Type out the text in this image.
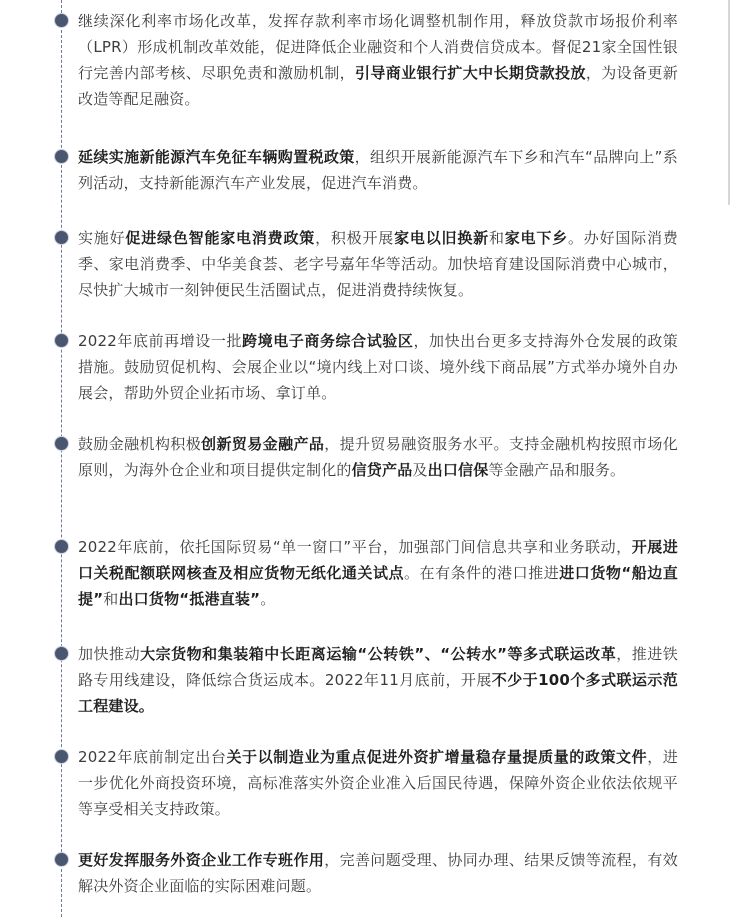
继续深化利率市场化改革，发挥存款利率市场化调整机制作用，释放贷款市场报价利率（LPR）形成机制改革效能，促进降低企业融资和个人消费信贷成本。督促21家全国性银行完善内部考核、尽职免责和激励机制，引导商业银行扩大中长期贷款投放，为设备更新改造等配足融资。

延续实施新能源汽车免征车辆购置税政策，组织开展新能源汽车下乡和汽车“品牌向上”系列活动，支持新能源汽车产业发展，促进汽车消费。

实施好促进绿色智能家电消费政策，积极开展家电以旧换新和家电下乡。办好国际消费季、家电消费季、中华美食荟、老字号嘉年华等活动。加快培育建设国际消费中心城市，尽快扩大城市一刻钟便民生活圈试点，促进消费持续恢复。

2022年底前再增设一批跨境电子商务综合试验区，加快出台更多支持海外仓发展的政策措施。鼓励贸促机构、会展企业以“境内线上对口谈、境外线下商品展”方式举办境外自办展会，帮助外贸企业拓市场、拿订单。

鼓励金融机构积极创新贸易金融产品，提升贸易融资服务水平。支持金融机构按照市场化原则，为海外仓企业和项目提供定制化的信贷产品及出口信保等金融产品和服务。

2022年底前，依托国际贸易“单一窗口”平台，加强部门间信息共享和业务联动，开展进口关税配额联网核查及相应货物无纸化通关试点。在有条件的港口推进进口货物“船边直提”和出口货物“抵港直装”。

加快推动大宗货物和集装箱中长距离运输“公转铁”、“公转水”等多式联运改革，推进铁路专用线建设，降低综合货运成本。2022年11月底前，开展不少于100个多式联运示范工程建设。

2022年底前制定出台关于以制造业为重点促进外资扩增量稳存量提质量的政策文件，进一步优化外商投资环境，高标准落实外资企业准入后国民待遇，保障外资企业依法依规平等享受相关支持政策。

更好发挥服务外资企业工作专班作用，完善问题受理、协同办理、结果反馈等流程，有效解决外资企业面临的实际困难问题。
